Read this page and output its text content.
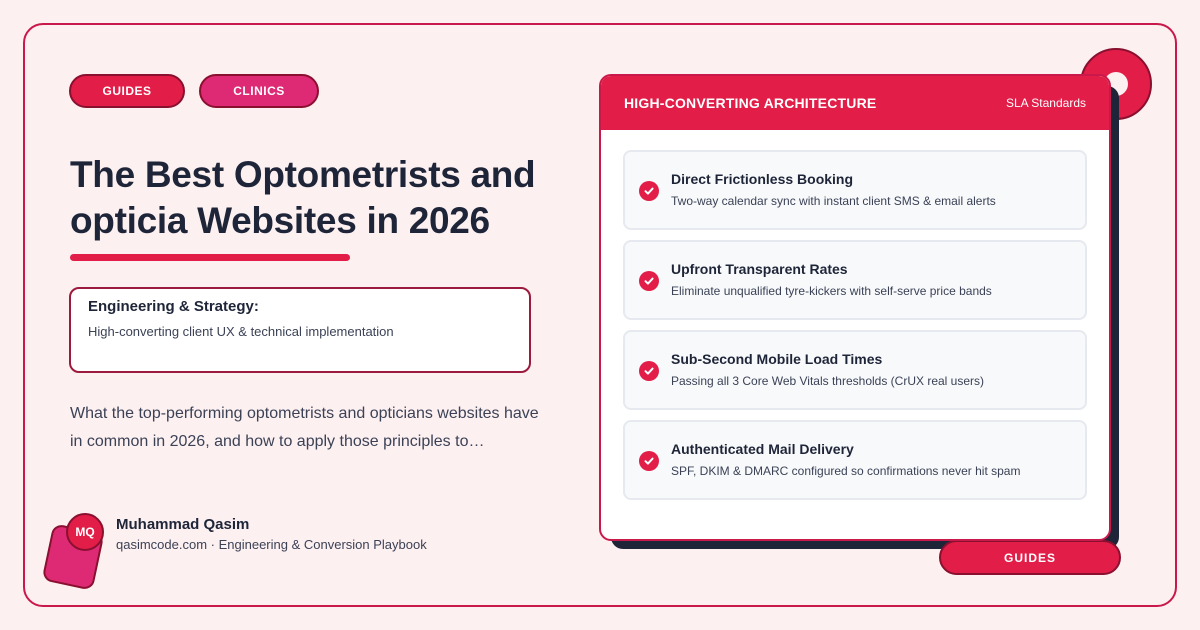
GUIDES	CLINICS
The Best Optometrists and opticia Websites in 2026
Engineering & Strategy:
High-converting client UX & technical implementation

What the top-performing optometrists and opticians websites have in common in 2026, and how to apply those principles to…

MQ	Muhammad Qasim
qasimcode.com · Engineering & Conversion Playbook
GUIDES
HIGH-CONVERTING ARCHITECTURE	SLA Standards
Direct Frictionless Booking
Two-way calendar sync with instant client SMS & email alerts
Upfront Transparent Rates
Eliminate unqualified tyre-kickers with self-serve price bands
Sub-Second Mobile Load Times
Passing all 3 Core Web Vitals thresholds (CrUX real users)
Authenticated Mail Delivery
SPF, DKIM & DMARC configured so confirmations never hit spam
